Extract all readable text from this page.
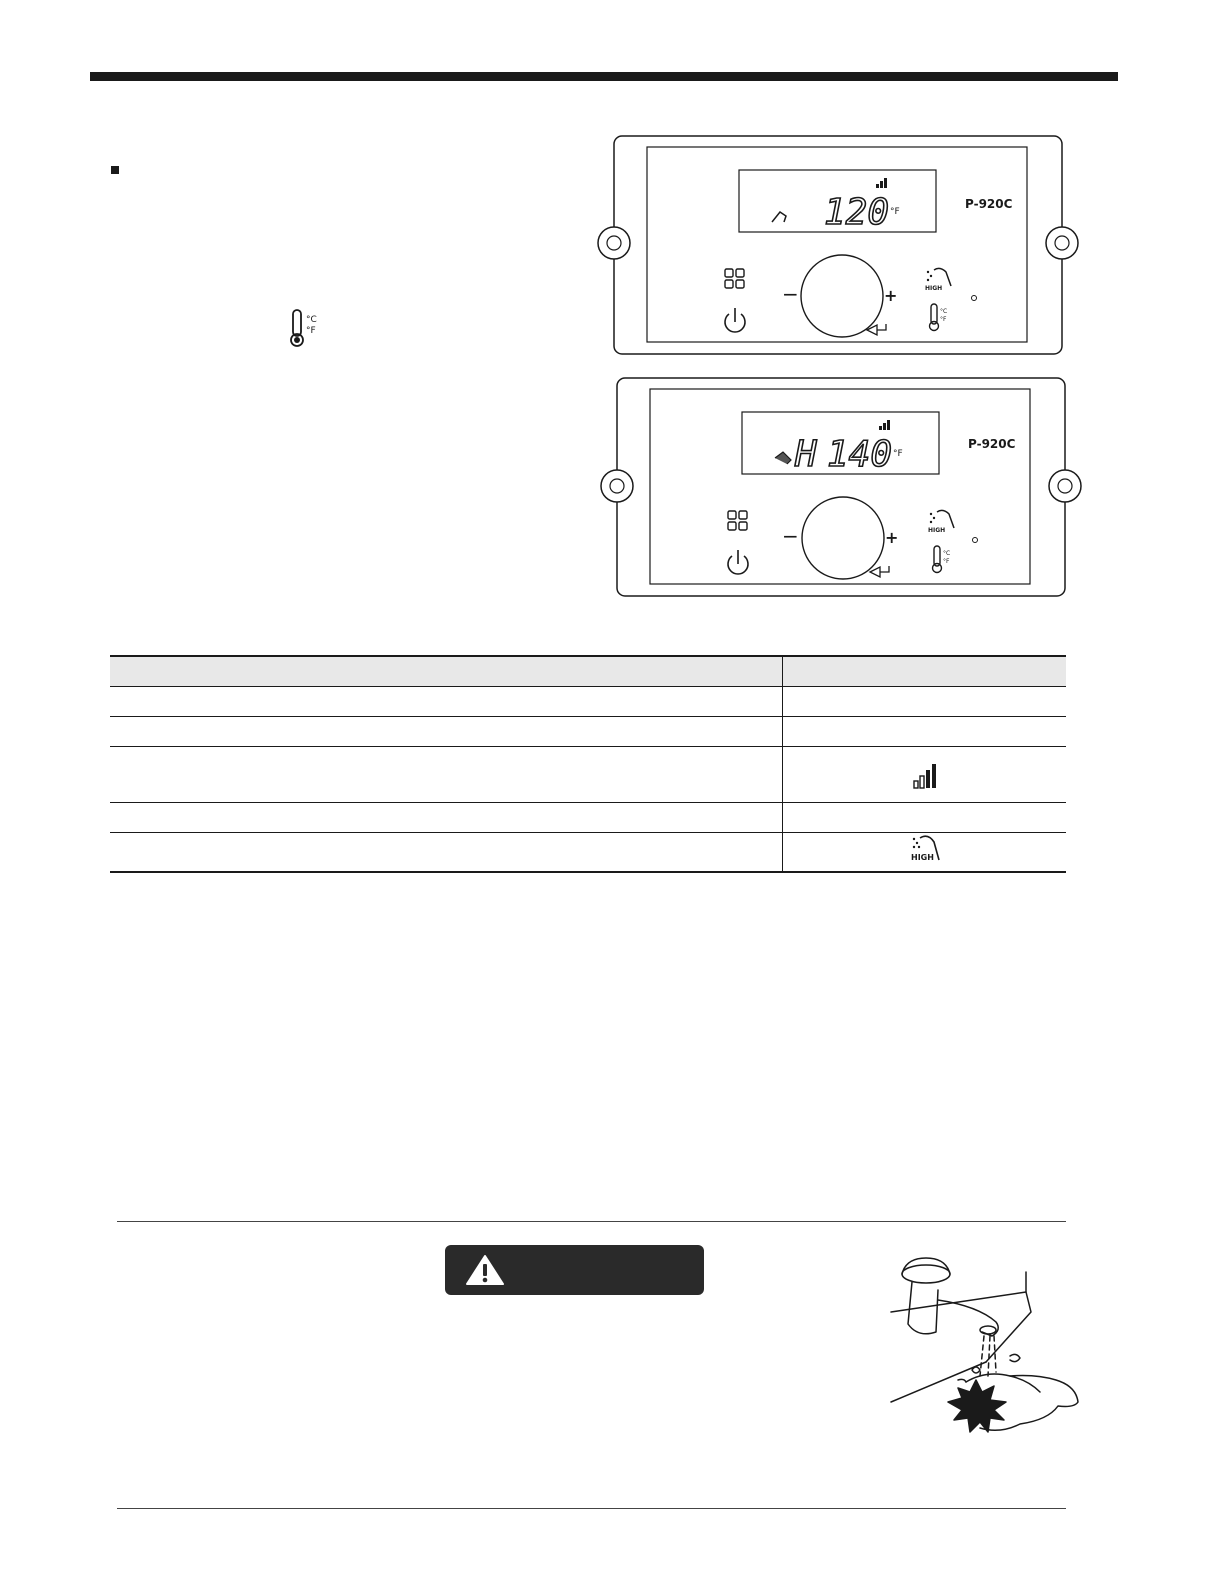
°C
°F
120 °F
P-920C
−	+	HIGH
°C
°F
H 140 °F
P-920C
−	+	HIGH
°C
°F

HIGH
